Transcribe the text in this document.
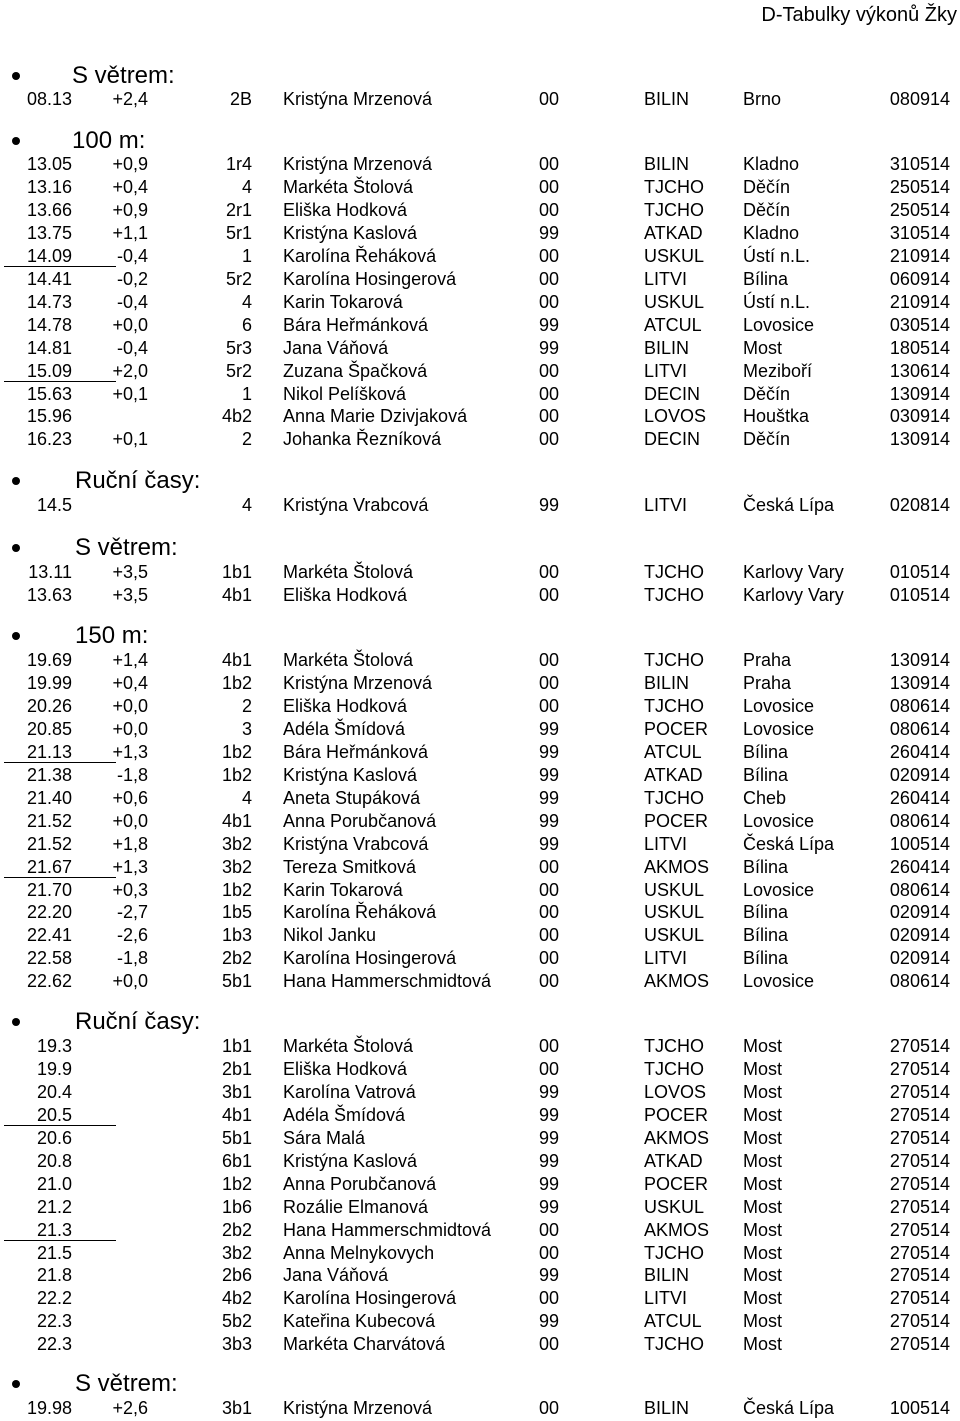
D-Tabulky výkonů Žky
S větrem:
08.13 +2,4	2B Kristýna Mrzenová	00	BILIN	Brno	080914
100 m:
13.05 +0,9	1r4 Kristýna Mrzenová	00	BILIN	Kladno	310514
13.16 +0,4	4 Markéta Štolová	00	TJCHO Děčín	250514
13.66 +0,9	2r1 Eliška Hodková	00	TJCHO Děčín	250514
13.75 +1,1	5r1 Kristýna Kaslová	99	ATKAD Kladno	310514
14.09 -0,4	1 Karolína Řeháková	00	USKUL Ústí n.L.	210914
14.41 -0,2	5r2 Karolína Hosingerová	00	LITVI	Bílina	060914
14.73 -0,4	4 Karin Tokarová	00	USKUL Ústí n.L.	210914
14.78 +0,0	6 Bára Heřmánková	99	ATCUL Lovosice	030514
14.81 -0,4	5r3 Jana Váňová	99	BILIN	Most	180514
15.09 +2,0	5r2 Zuzana Špačková	00	LITVI	Meziboří	130614
15.63 +0,1	1 Nikol Pelíšková	00	DECIN Děčín	130914
15.96	4b2 Anna Marie Dzivjaková	00	LOVOS Houštka	030914
16.23 +0,1	2 Johanka Řezníková	00	DECIN Děčín	130914
Ruční časy:
14.5	4 Kristýna Vrabcová	99	LITVI	Česká Lípa	020814
S větrem:
13.11 +3,5	1b1 Markéta Štolová	00	TJCHO Karlovy Vary	010514
13.63 +3,5	4b1 Eliška Hodková	00	TJCHO Karlovy Vary	010514
150 m:
19.69 +1,4	4b1 Markéta Štolová	00	TJCHO Praha	130914
19.99 +0,4	1b2 Kristýna Mrzenová	00	BILIN	Praha	130914
20.26 +0,0	2 Eliška Hodková	00	TJCHO Lovosice	080614
20.85 +0,0	3 Adéla Šmídová	99	POCER Lovosice	080614
21.13 +1,3	1b2 Bára Heřmánková	99	ATCUL Bílina	260414
21.38 -1,8	1b2 Kristýna Kaslová	99	ATKAD Bílina	020914
21.40 +0,6	4 Aneta Stupáková	99	TJCHO Cheb	260414
21.52 +0,0	4b1 Anna Porubčanová	99	POCER Lovosice	080614
21.52 +1,8	3b2 Kristýna Vrabcová	99	LITVI	Česká Lípa	100514
21.67 +1,3	3b2 Tereza Smitková	00	AKMOS Bílina	260414
21.70 +0,3	1b2 Karin Tokarová	00	USKUL Lovosice	080614
22.20 -2,7	1b5 Karolína Řeháková	00	USKUL Bílina	020914
22.41 -2,6	1b3 Nikol Janku	00	USKUL Bílina	020914
22.58 -1,8	2b2 Karolína Hosingerová	00	LITVI	Bílina	020914
22.62 +0,0	5b1 Hana Hammerschmidtová	00	AKMOS Lovosice	080614
Ruční časy:
19.3	1b1 Markéta Štolová	00	TJCHO Most	270514
19.9	2b1 Eliška Hodková	00	TJCHO Most	270514
20.4	3b1 Karolína Vatrová	99	LOVOS Most	270514
20.5	4b1 Adéla Šmídová	99	POCER Most	270514
20.6	5b1 Sára Malá	99	AKMOS Most	270514
20.8	6b1 Kristýna Kaslová	99	ATKAD Most	270514
21.0	1b2 Anna Porubčanová	99	POCER Most	270514
21.2	1b6 Rozálie Elmanová	99	USKUL Most	270514
21.3	2b2 Hana Hammerschmidtová	00	AKMOS Most	270514
21.5	3b2 Anna Melnykovych	00	TJCHO Most	270514
21.8	2b6 Jana Váňová	99	BILIN	Most	270514
22.2	4b2 Karolína Hosingerová	00	LITVI	Most	270514
22.3	5b2 Kateřina Kubecová	99	ATCUL Most	270514
22.3	3b3 Markéta Charvátová	00	TJCHO Most	270514
S větrem:
19.98 +2,6	3b1 Kristýna Mrzenová	00	BILIN	Česká Lípa	100514
